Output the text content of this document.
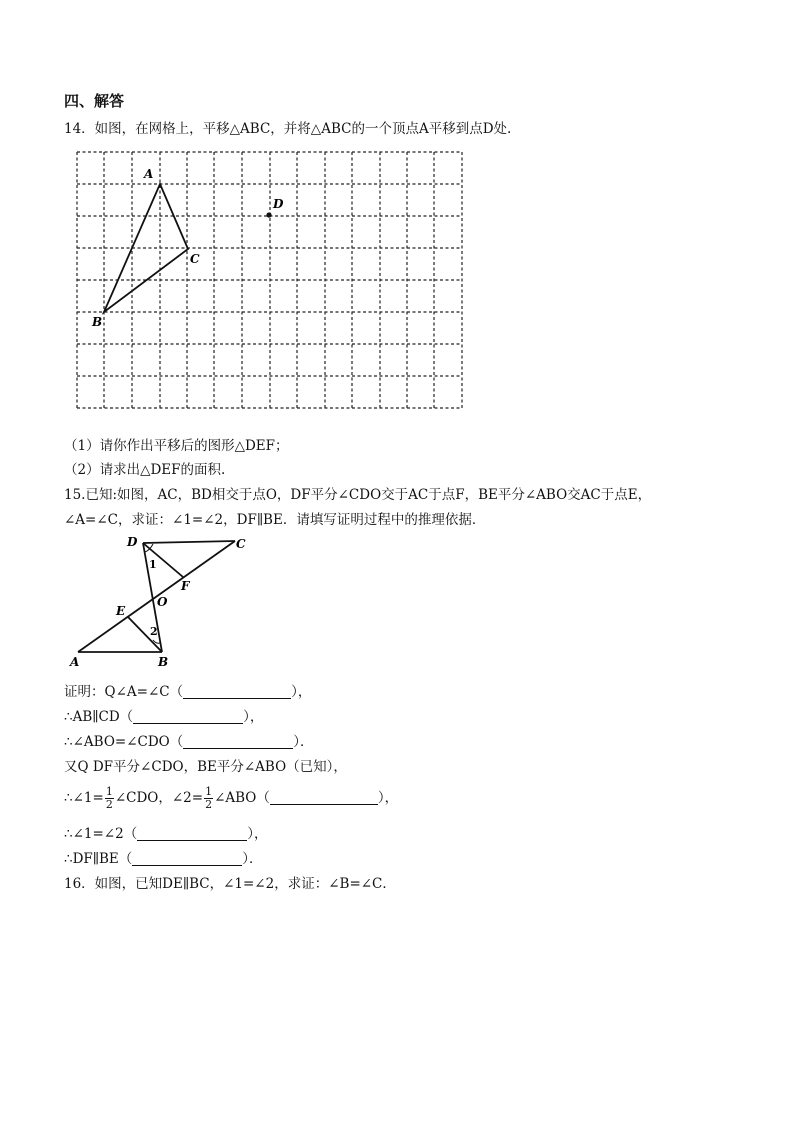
四、解答
14．如图，在网格上，平移△ABC，并将△ABC的一个顶点A平移到点D处.
A
B
C
D
（1）请你作出平移后的图形△DEF；
（2）请求出△DEF的面积.
15.已知:如图，AC，BD相交于点O，DF平分∠CDO交于AC于点F，BE平分∠ABO交AC于点E，
∠A=∠C，求证：∠1=∠2，DF∥BE．请填写证明过程中的推理依据．
D	C
1
F
O
E
2
A	B
证明：Q∠A=∠C（	），
∴AB∥CD（	），
∴∠ABO=∠CDO（	）．
又Q DF平分∠CDO，BE平分∠ABO（已知），
∴∠1= $\frac{1}{2}$ ∠CDO，∠2= $\frac{1}{2}$ ∠ABO（	），
∴∠1=∠2（	），
∴DF∥BE（	）．
16．如图，已知DE∥BC，∠1=∠2，求证：∠B=∠C．
